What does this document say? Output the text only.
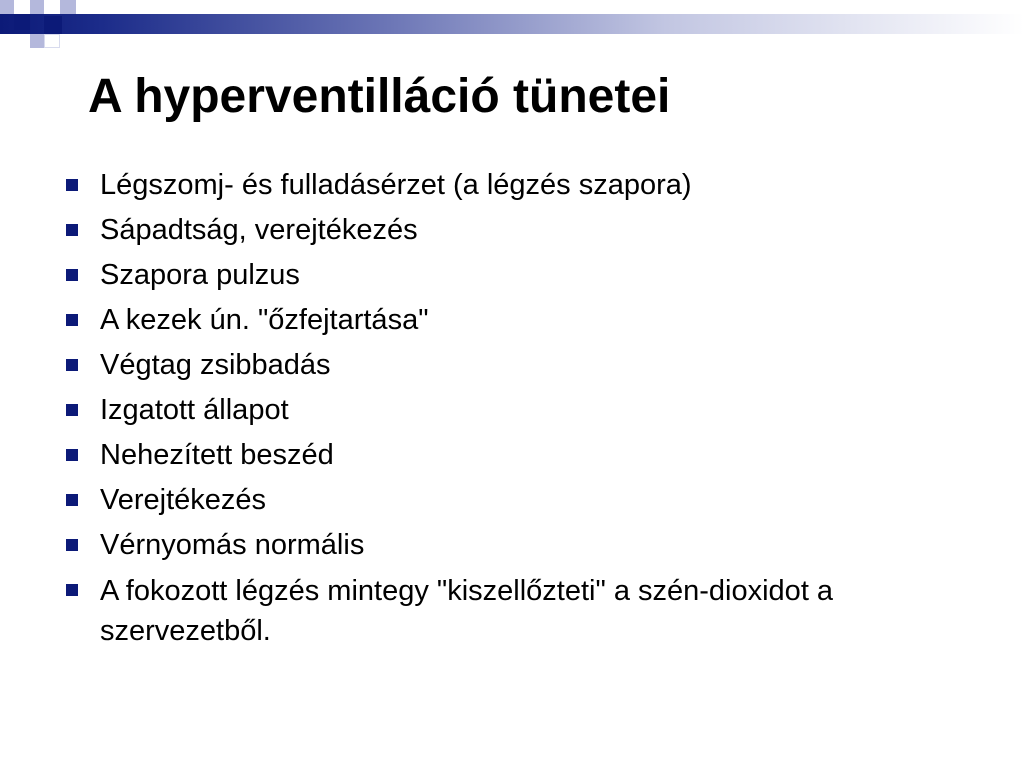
A hyperventilláció tünetei
Légszomj- és fulladásérzet (a légzés szapora)
Sápadtság, verejtékezés
Szapora pulzus
A kezek ún. "őzfejtartása"
Végtag zsibbadás
Izgatott állapot
Nehezített beszéd
Verejtékezés
Vérnyomás normális
A fokozott légzés mintegy "kiszellőzteti" a szén-dioxidot a szervezetből.
